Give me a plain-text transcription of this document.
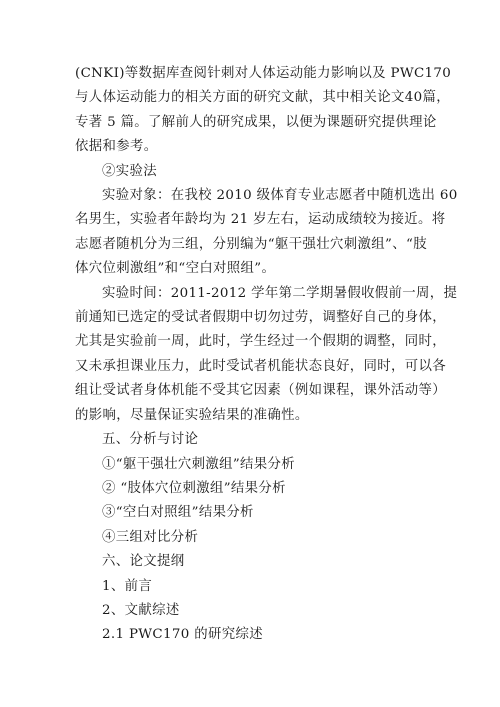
(CNKI)等数据库查阅针刺对人体运动能力影响以及 PWC170
与人体运动能力的相关方面的研究文献，其中相关论文40篇，
专著 5 篇。了解前人的研究成果，以便为课题研究提供理论
依据和参考。
②实验法
实验对象：在我校 2010 级体育专业志愿者中随机选出 60
名男生，实验者年龄均为 21 岁左右，运动成绩较为接近。将
志愿者随机分为三组，分别编为“躯干强壮穴刺激组”、“肢
体穴位刺激组”和“空白对照组”。
实验时间：2011-2012 学年第二学期暑假收假前一周，提
前通知已选定的受试者假期中切勿过劳，调整好自己的身体，
尤其是实验前一周，此时，学生经过一个假期的调整，同时，
又未承担课业压力，此时受试者机能状态良好，同时，可以各
组让受试者身体机能不受其它因素（例如课程，课外活动等）
的影响，尽量保证实验结果的准确性。
五、分析与讨论
①“躯干强壮穴刺激组”结果分析
② “肢体穴位刺激组”结果分析
③“空白对照组”结果分析
④三组对比分析
六、论文提纲
1、前言
2、文献综述
2.1 PWC170 的研究综述
